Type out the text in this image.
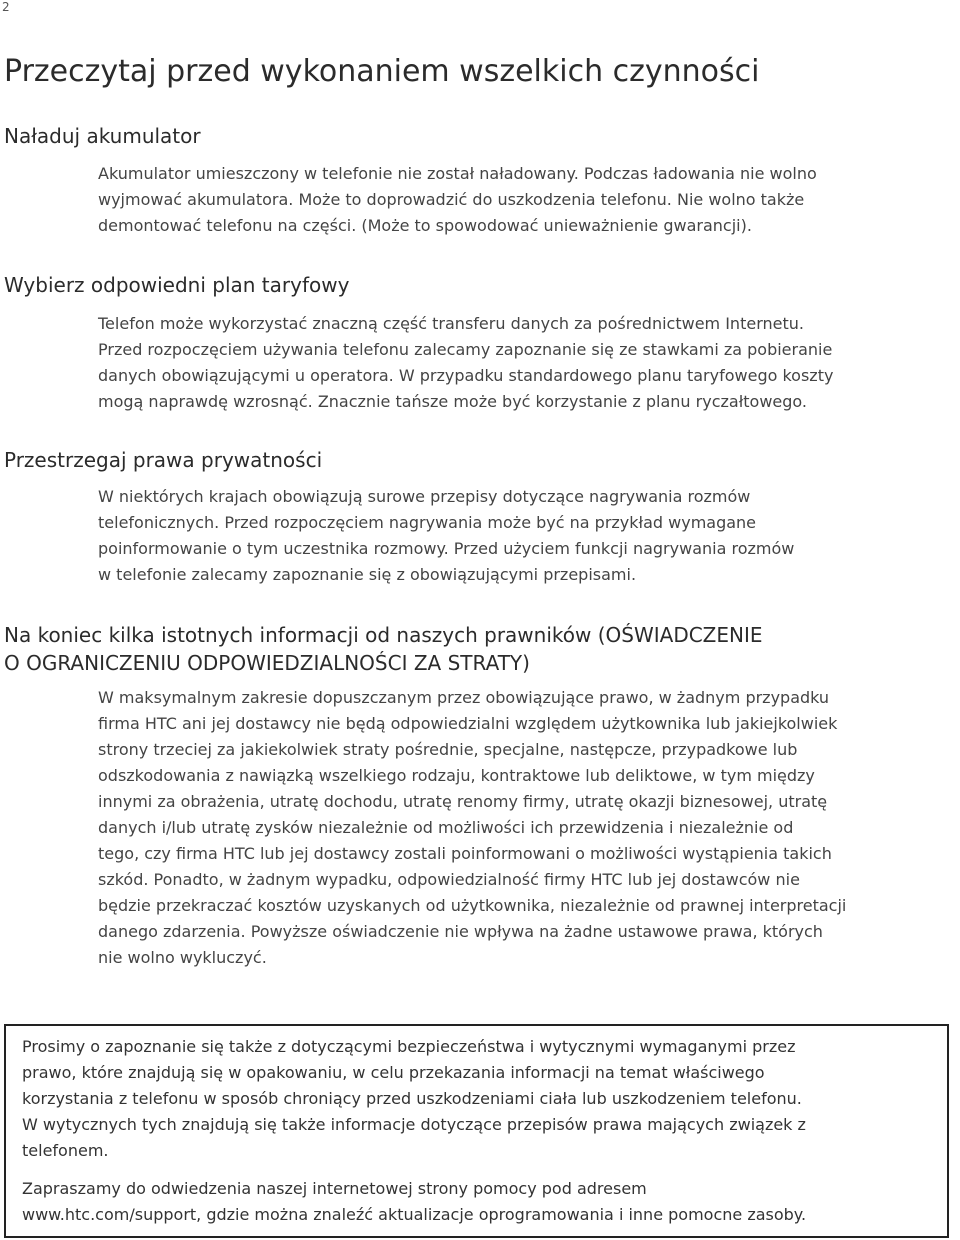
2
Przeczytaj przed wykonaniem wszelkich czynności
Naładuj akumulator
Akumulator umieszczony w telefonie nie został naładowany. Podczas ładowania nie wolno
wyjmować akumulatora. Może to doprowadzić do uszkodzenia telefonu. Nie wolno także
demontować telefonu na części. (Może to spowodować unieważnienie gwarancji).
Wybierz odpowiedni plan taryfowy
Telefon może wykorzystać znaczną część transferu danych za pośrednictwem Internetu.
Przed rozpoczęciem używania telefonu zalecamy zapoznanie się ze stawkami za pobieranie
danych obowiązującymi u operatora. W przypadku standardowego planu taryfowego koszty
mogą naprawdę wzrosnąć. Znacznie tańsze może być korzystanie z planu ryczałtowego.
Przestrzegaj prawa prywatności
W niektórych krajach obowiązują surowe przepisy dotyczące nagrywania rozmów
telefonicznych. Przed rozpoczęciem nagrywania może być na przykład wymagane
poinformowanie o tym uczestnika rozmowy. Przed użyciem funkcji nagrywania rozmów
w telefonie zalecamy zapoznanie się z obowiązującymi przepisami.
Na koniec kilka istotnych informacji od naszych prawników (OŚWIADCZENIE
O OGRANICZENIU ODPOWIEDZIALNOŚCI ZA STRATY)
W maksymalnym zakresie dopuszczanym przez obowiązujące prawo, w żadnym przypadku
firma HTC ani jej dostawcy nie będą odpowiedzialni względem użytkownika lub jakiejkolwiek
strony trzeciej za jakiekolwiek straty pośrednie, specjalne, następcze, przypadkowe lub
odszkodowania z nawiązką wszelkiego rodzaju, kontraktowe lub deliktowe, w tym między
innymi za obrażenia, utratę dochodu, utratę renomy firmy, utratę okazji biznesowej, utratę
danych i/lub utratę zysków niezależnie od możliwości ich przewidzenia i niezależnie od
tego, czy firma HTC lub jej dostawcy zostali poinformowani o możliwości wystąpienia takich
szkód. Ponadto, w żadnym wypadku, odpowiedzialność firmy HTC lub jej dostawców nie
będzie przekraczać kosztów uzyskanych od użytkownika, niezależnie od prawnej interpretacji
danego zdarzenia. Powyższe oświadczenie nie wpływa na żadne ustawowe prawa, których
nie wolno wykluczyć.
Prosimy o zapoznanie się także z dotyczącymi bezpieczeństwa i wytycznymi wymaganymi przez
prawo, które znajdują się w opakowaniu, w celu przekazania informacji na temat właściwego
korzystania z telefonu w sposób chroniący przed uszkodzeniami ciała lub uszkodzeniem telefonu.
W wytycznych tych znajdują się także informacje dotyczące przepisów prawa mających związek z
telefonem.
Zapraszamy do odwiedzenia naszej internetowej strony pomocy pod adresem
www.htc.com/support, gdzie można znaleźć aktualizacje oprogramowania i inne pomocne zasoby.
